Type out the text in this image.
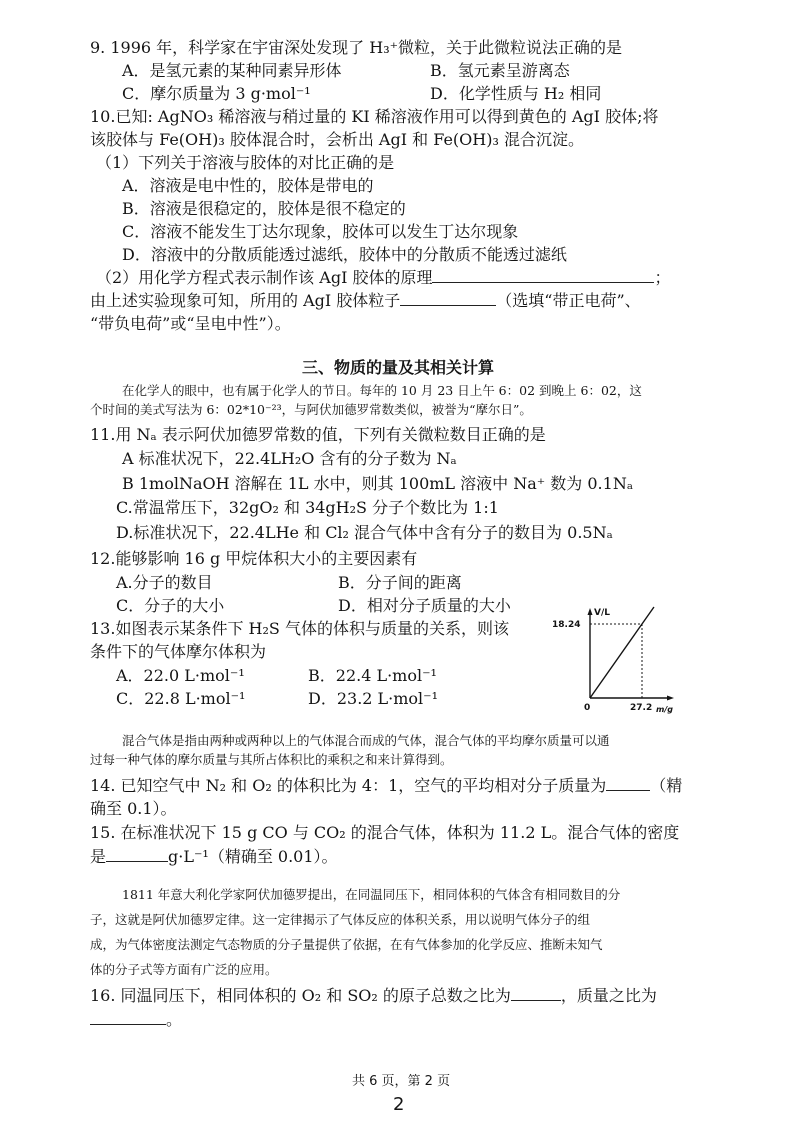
9. 1996 年，科学家在宇宙深处发现了 H₃⁺微粒，关于此微粒说法正确的是
A．是氢元素的某种同素异形体	B．氢元素呈游离态
C．摩尔质量为 3 g·mol⁻¹	D．化学性质与 H₂ 相同
10.已知: AgNO₃ 稀溶液与稍过量的 KI 稀溶液作用可以得到黄色的 AgI 胶体;将
该胶体与 Fe(OH)₃ 胶体混合时，会析出 AgI 和 Fe(OH)₃ 混合沉淀。
（1）下列关于溶液与胶体的对比正确的是
A．溶液是电中性的，胶体是带电的
B．溶液是很稳定的，胶体是很不稳定的
C．溶液不能发生丁达尔现象，胶体可以发生丁达尔现象
D．溶液中的分散质能透过滤纸，胶体中的分散质不能透过滤纸
（2）用化学方程式表示制作该 AgI 胶体的原理	；
由上述实验现象可知，所用的 AgI 胶体粒子	（选填“带正电荷”、
“带负电荷”或“呈电中性”）。
三、物质的量及其相关计算
在化学人的眼中，也有属于化学人的节日。每年的 10 月 23 日上午 6：02 到晚上 6：02，这
个时间的美式写法为 6：02*10⁻²³，与阿伏加德罗常数类似，被誉为“摩尔日”。
11.用 Nₐ 表示阿伏加德罗常数的值，下列有关微粒数目正确的是
A 标准状况下，22.4LH₂O 含有的分子数为 Nₐ
B 1molNaOH 溶解在 1L 水中，则其 100mL 溶液中 Na⁺ 数为 0.1Nₐ
C.常温常压下，32gO₂ 和 34gH₂S 分子个数比为 1:1
D.标准状况下，22.4LHe 和 Cl₂ 混合气体中含有分子的数目为 0.5Nₐ
12.能够影响 16 g 甲烷体积大小的主要因素有
A.分子的数目	B．分子间的距离
C．分子的大小	D．相对分子质量的大小
13.如图表示某条件下 H₂S 气体的体积与质量的关系，则该
条件下的气体摩尔体积为
A．22.0 L·mol⁻¹	B．22.4 L·mol⁻¹
C．22.8 L·mol⁻¹	D．23.2 L·mol⁻¹
V/L
18.24
0	27.2 m/g
混合气体是指由两种或两种以上的气体混合而成的气体，混合气体的平均摩尔质量可以通
过每一种气体的摩尔质量与其所占体积比的乘积之和来计算得到。
14. 已知空气中 N₂ 和 O₂ 的体积比为 4：1，空气的平均相对分子质量为	（精
确至 0.1）。
15. 在标准状况下 15 g CO 与 CO₂ 的混合气体，体积为 11.2 L。混合气体的密度
是	g·L⁻¹（精确至 0.01）。
1811 年意大利化学家阿伏加德罗提出，在同温同压下，相同体积的气体含有相同数目的分
子，这就是阿伏加德罗定律。这一定律揭示了气体反应的体积关系，用以说明气体分子的组
成，为气体密度法测定气态物质的分子量提供了依据，在有气体参加的化学反应、推断未知气
体的分子式等方面有广泛的应用。
16. 同温同压下，相同体积的 O₂ 和 SO₂ 的原子总数之比为	，质量之比为
。
共 6 页，第 2 页
2
